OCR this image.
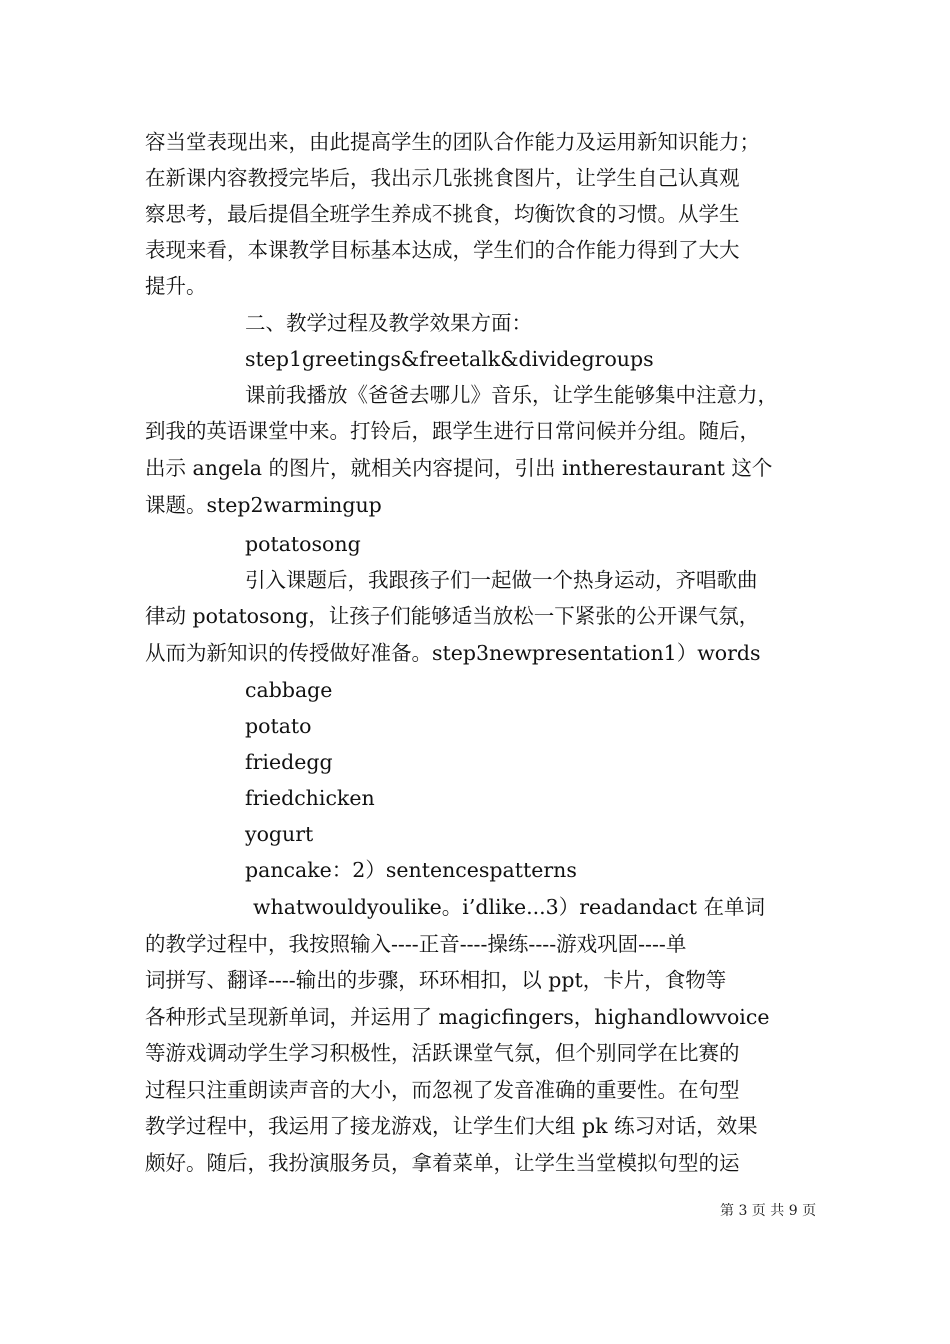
容当堂表现出来，由此提高学生的团队合作能力及运用新知识能力；
在新课内容教授完毕后，我出示几张挑食图片，让学生自己认真观
察思考，最后提倡全班学生养成不挑食，均衡饮食的习惯。从学生
表现来看，本课教学目标基本达成，学生们的合作能力得到了大大
提升。
二、教学过程及教学效果方面：
step1greetings&freetalk&dividegroups
课前我播放《爸爸去哪儿》音乐，让学生能够集中注意力，
到我的英语课堂中来。打铃后，跟学生进行日常问候并分组。随后，
出示 angela 的图片，就相关内容提问，引出 intherestaurant 这个
课题。step2warmingup
potatosong
引入课题后，我跟孩子们一起做一个热身运动，齐唱歌曲
律动 potatosong，让孩子们能够适当放松一下紧张的公开课气氛，
从而为新知识的传授做好准备。step3newpresentation1）words
cabbage
potato
friedegg
friedchicken
yogurt
pancake：2）sentencespatterns
whatwouldyoulike。i’dlike...3）readandact 在单词
的教学过程中，我按照输入----正音----操练----游戏巩固----单
词拼写、翻译----输出的步骤，环环相扣，以 ppt，卡片，食物等
各种形式呈现新单词，并运用了 magicfingers，highandlowvoice
等游戏调动学生学习积极性，活跃课堂气氛，但个别同学在比赛的
过程只注重朗读声音的大小，而忽视了发音准确的重要性。在句型
教学过程中，我运用了接龙游戏，让学生们大组 pk 练习对话，效果
颇好。随后，我扮演服务员，拿着菜单，让学生当堂模拟句型的运
第 3 页 共 9 页
